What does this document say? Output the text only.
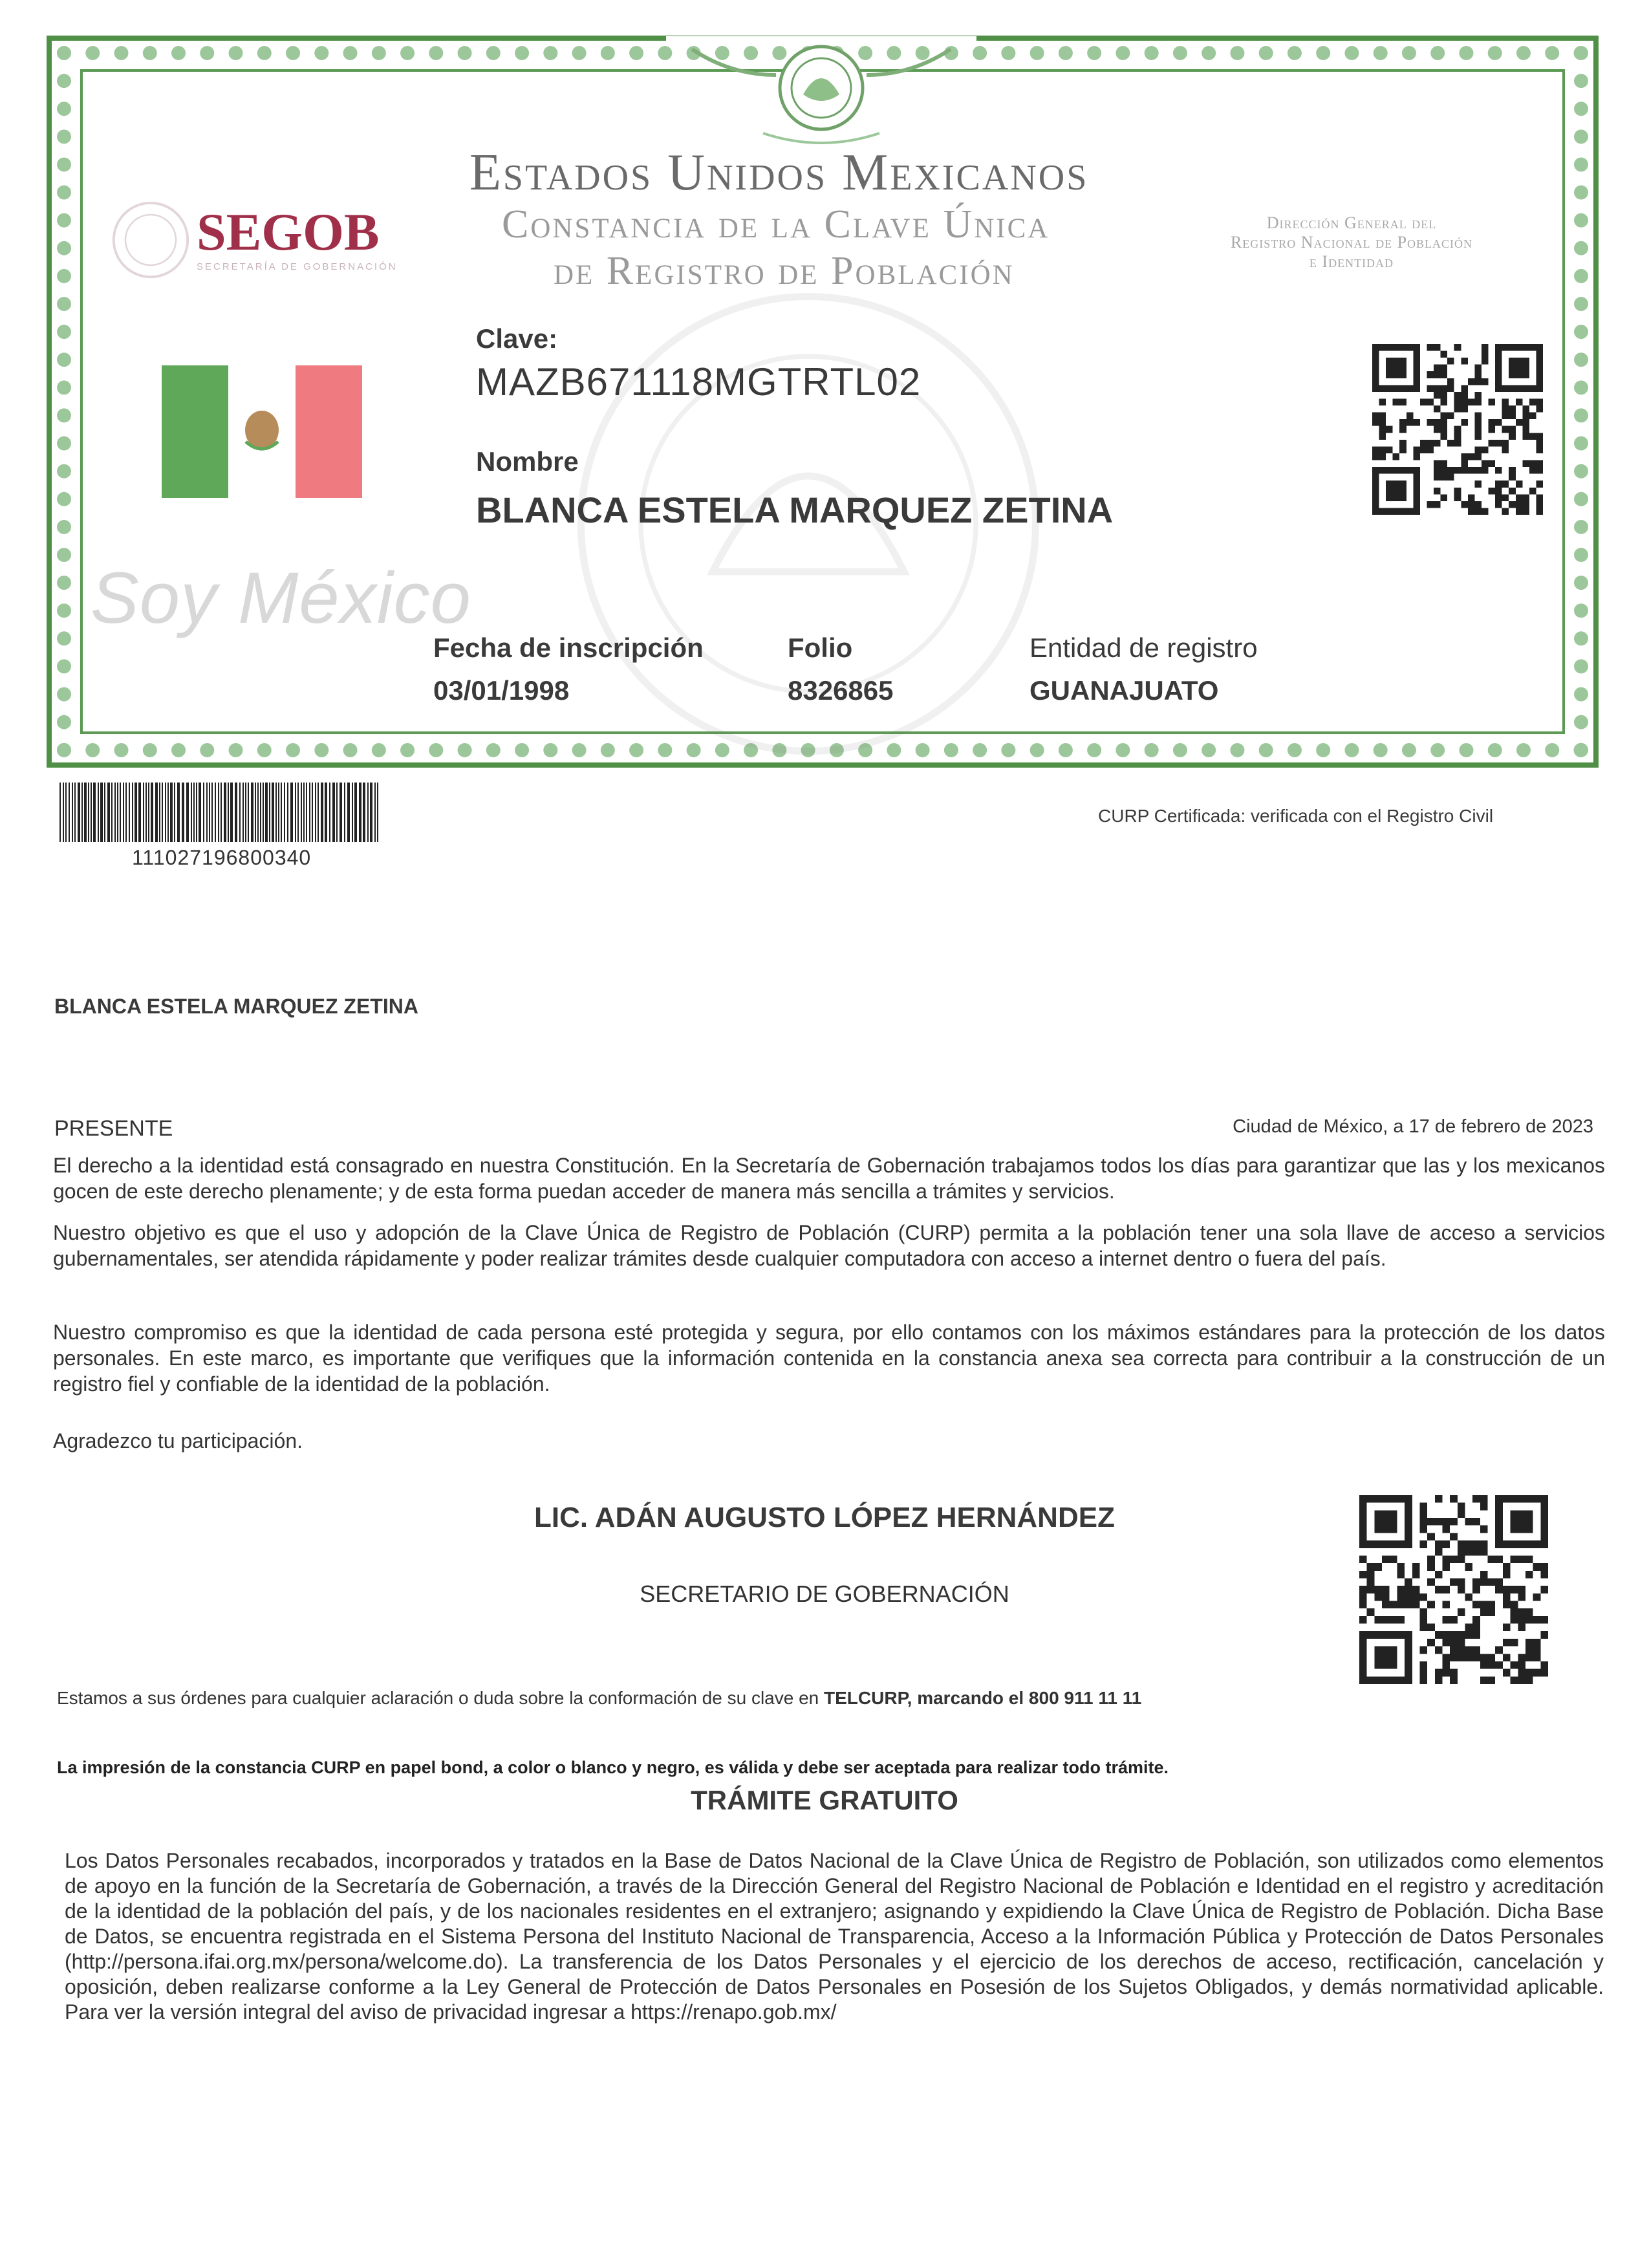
Soy México
SEGOB
SECRETARÍA DE GOBERNACIÓN
Estados Unidos Mexicanos
Constancia de la Clave Única
de Registro de Población
Dirección General del
Registro Nacional de Población
e Identidad
Clave:
MAZB671118MGTRTL02
Nombre
BLANCA ESTELA MARQUEZ ZETINA
Fecha de inscripción
03/01/1998
Folio
8326865
Entidad de registro
GUANAJUATO
111027196800340
CURP Certificada: verificada con el Registro Civil
BLANCA ESTELA MARQUEZ ZETINA
PRESENTE	Ciudad de México, a 17 de febrero de 2023
El derecho a la identidad está consagrado en nuestra Constitución. En la Secretaría de Gobernación trabajamos todos los días para garantizar que las y los mexicanos gocen de este derecho plenamente; y de esta forma puedan acceder de manera más sencilla a trámites y servicios.
Nuestro objetivo es que el uso y adopción de la Clave Única de Registro de Población (CURP) permita a la población tener una sola llave de acceso a servicios gubernamentales, ser atendida rápidamente y poder realizar trámites desde cualquier computadora con acceso a internet dentro o fuera del país.
Nuestro compromiso es que la identidad de cada persona esté protegida y segura, por ello contamos con los máximos estándares para la protección de los datos personales. En este marco, es importante que verifiques que la información contenida en la constancia anexa sea correcta para contribuir a la construcción de un registro fiel y confiable de la identidad de la población.
Agradezco tu participación.
LIC. ADÁN AUGUSTO LÓPEZ HERNÁNDEZ
SECRETARIO DE GOBERNACIÓN
Estamos a sus órdenes para cualquier aclaración o duda sobre la conformación de su clave en TELCURP, marcando el 800 911 11 11
La impresión de la constancia CURP en papel bond, a color o blanco y negro, es válida y debe ser aceptada para realizar todo trámite.
TRÁMITE GRATUITO
Los Datos Personales recabados, incorporados y tratados en la Base de Datos Nacional de la Clave Única de Registro de Población, son utilizados como elementos de apoyo en la función de la Secretaría de Gobernación, a través de la Dirección General del Registro Nacional de Población e Identidad en el registro y acreditación de la identidad de la población del país, y de los nacionales residentes en el extranjero; asignando y expidiendo la Clave Única de Registro de Población. Dicha Base de Datos, se encuentra registrada en el Sistema Persona del Instituto Nacional de Transparencia, Acceso a la Información Pública y Protección de Datos Personales (http://persona.ifai.org.mx/persona/welcome.do). La transferencia de los Datos Personales y el ejercicio de los derechos de acceso, rectificación, cancelación y oposición, deben realizarse conforme a la Ley General de Protección de Datos Personales en Posesión de los Sujetos Obligados, y demás normatividad aplicable. Para ver la versión integral del aviso de privacidad ingresar a https://renapo.gob.mx/
